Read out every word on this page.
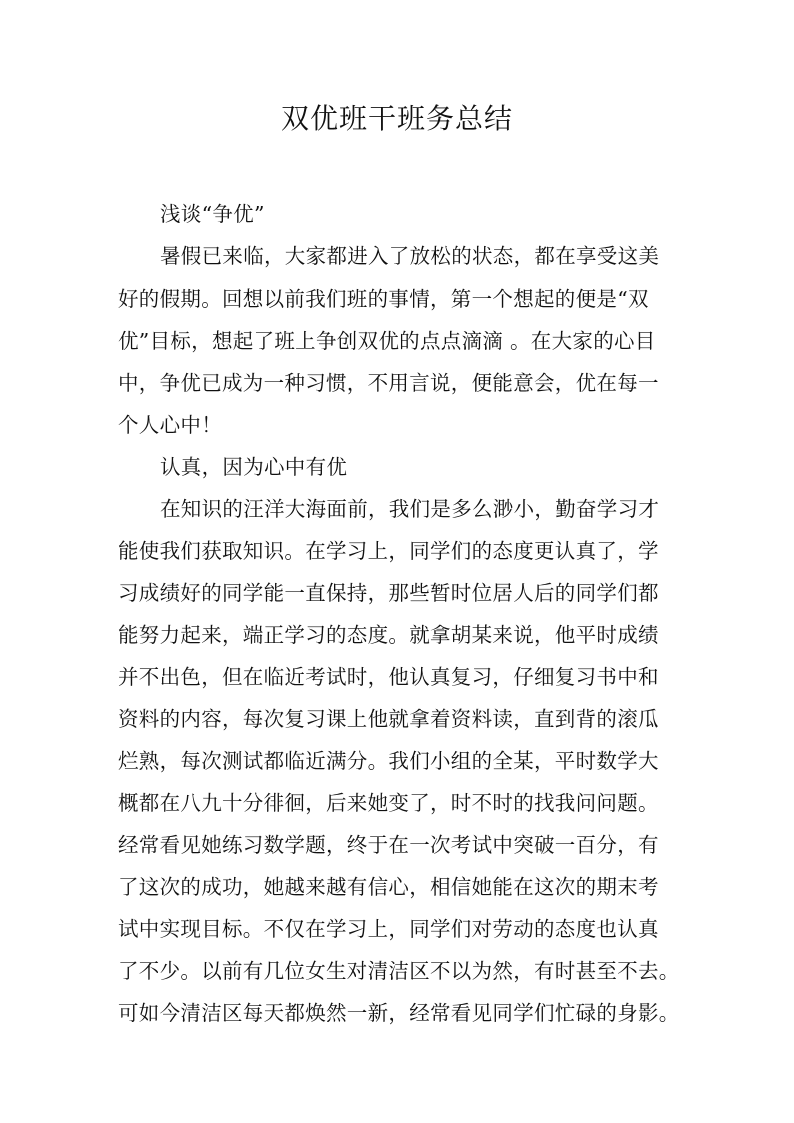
双优班干班务总结

浅谈“争优”

暑假已来临，大家都进入了放松的状态，都在享受这美

好的假期。回想以前我们班的事情，第一个想起的便是“双

优”目标，想起了班上争创双优的点点滴滴 。在大家的心目

中，争优已成为一种习惯，不用言说，便能意会，优在每一

个人心中！

认真，因为心中有优

在知识的汪洋大海面前，我们是多么渺小，勤奋学习才

能使我们获取知识。在学习上，同学们的态度更认真了，学

习成绩好的同学能一直保持，那些暂时位居人后的同学们都

能努力起来，端正学习的态度。就拿胡某来说，他平时成绩

并不出色，但在临近考试时，他认真复习，仔细复习书中和

资料的内容，每次复习课上他就拿着资料读，直到背的滚瓜

烂熟，每次测试都临近满分。我们小组的全某，平时数学大

概都在八九十分徘徊，后来她变了，时不时的找我问问题。

经常看见她练习数学题，终于在一次考试中突破一百分，有

了这次的成功，她越来越有信心，相信她能在这次的期末考

试中实现目标。不仅在学习上，同学们对劳动的态度也认真

了不少。以前有几位女生对清洁区不以为然，有时甚至不去。

可如今清洁区每天都焕然一新，经常看见同学们忙碌的身影。
